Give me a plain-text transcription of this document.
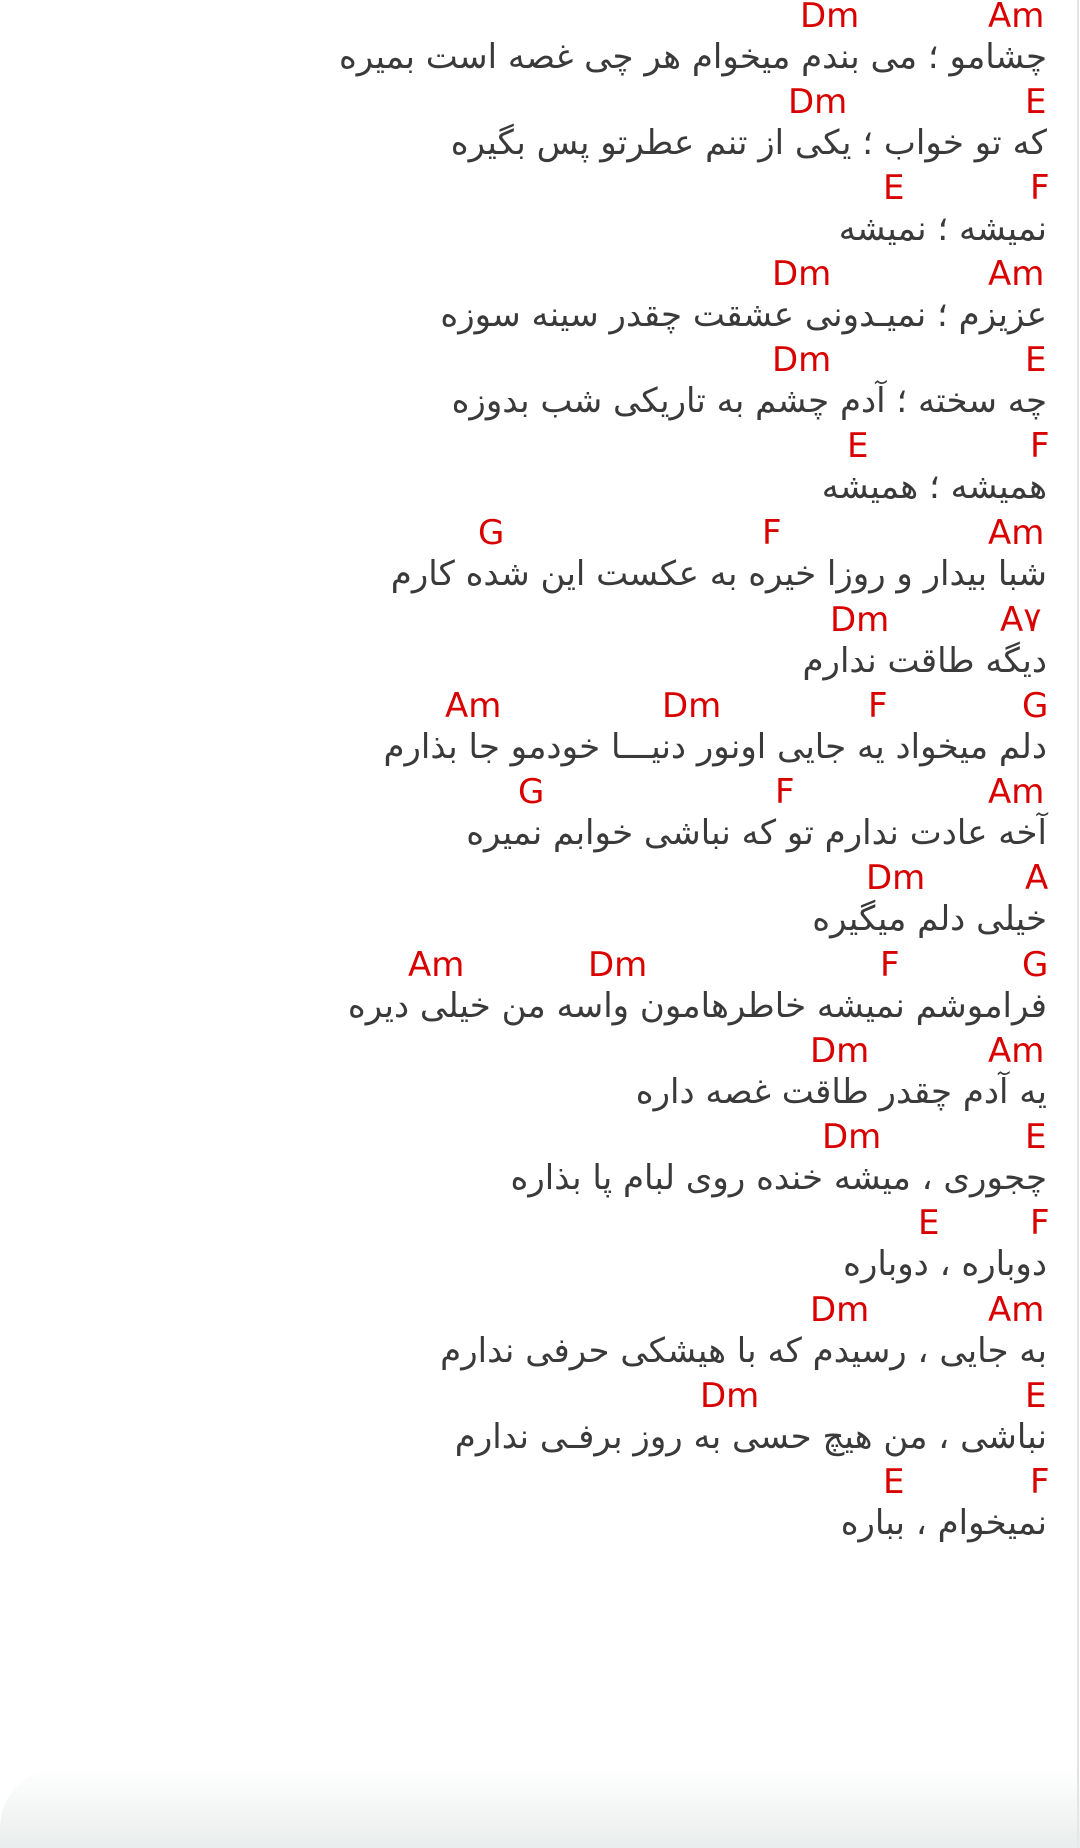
Dm	Am
چشامو ؛ می بندم میخوام هر چی غصه است بمیره
Dm	E
که تو خواب ؛ یکی از تنم عطرتو پس بگیره
E	F
نمیشه ؛ نمیشه
Dm	Am
عزیزم ؛ نمیـدونی عشقت چقدر سینه سوزه
Dm	E
چه سخته ؛ آدم چشم به تاریکی شب بدوزه
E	F
همیشه ؛ همیشه
G	F	Am
شبا بیدار و روزا خیره به عکست این شده کارم
Dm	A۷
دیگه طاقت ندارم
Am	Dm	F	G
دلم میخواد یه جایی اونور دنیـــا خودمو جا بذارم
G	F	Am
آخه عادت ندارم تو که نباشی خوابم نمیره
Dm	A
خیلی دلم میگیره
Am	Dm	F	G
فراموشم نمیشه خاطرهامون واسه من خیلی دیره
Dm	Am
یه آدم چقدر طاقت غصه داره
Dm	E
چجوری ، میشه خنده روی لبام پا بذاره
E	F
دوباره ، دوباره
Dm	Am
به جایی ، رسیدم که با هیشکی حرفی ندارم
Dm	E
نباشی ، من هیچ حسی به روز برفـی ندارم
E	F
نمیخوام ، بباره
